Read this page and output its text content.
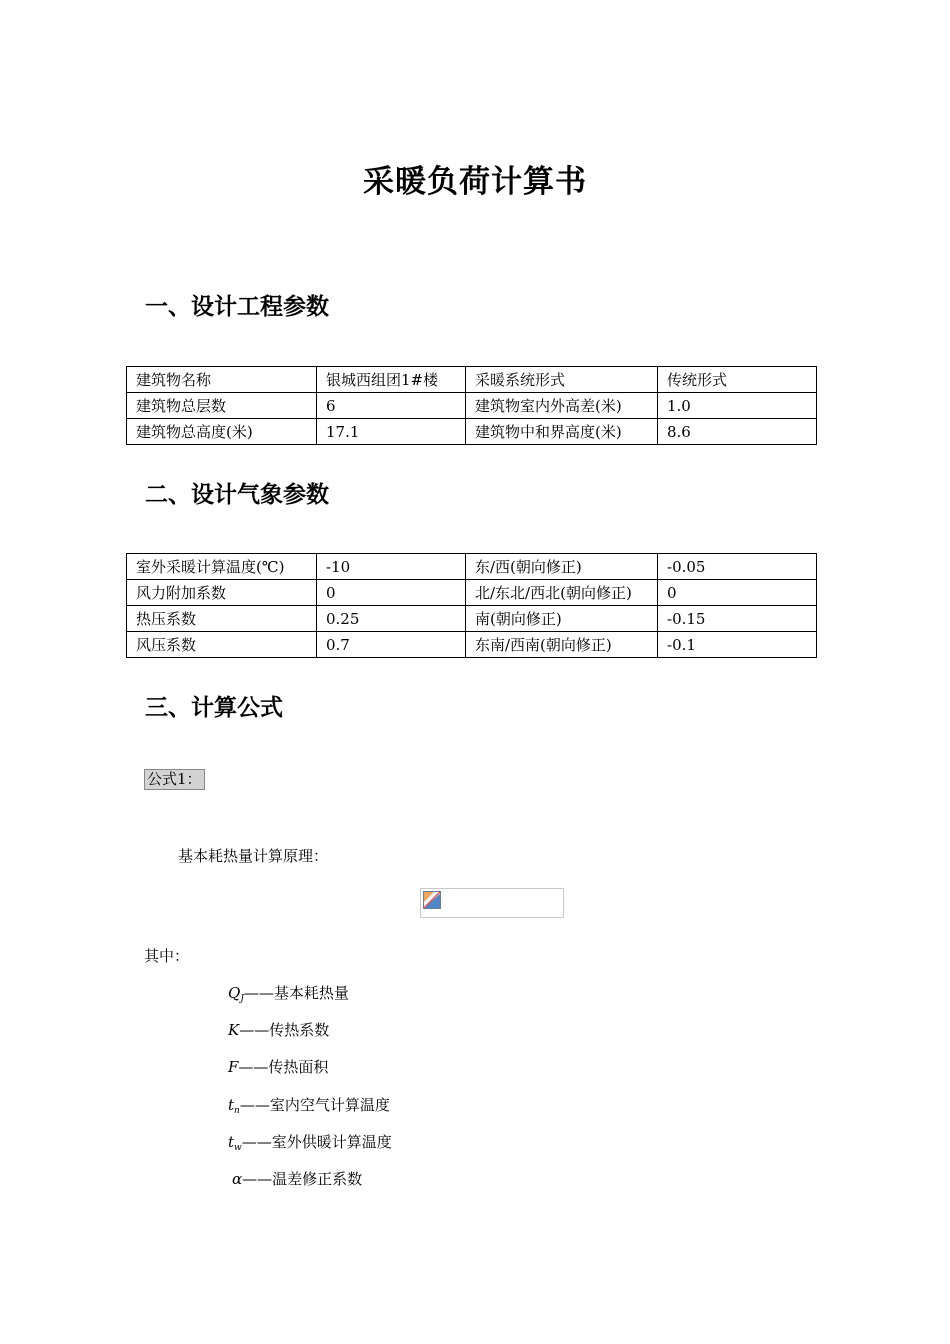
采暖负荷计算书
一、设计工程参数
建筑物名称	银城西组团1#楼	采暖系统形式	传统形式
建筑物总层数	6	建筑物室内外高差(米)	1.0
建筑物总高度(米)	17.1	建筑物中和界高度(米)	8.6
二、设计气象参数
室外采暖计算温度(℃)	-10	东/西(朝向修正)	-0.05
风力附加系数	0	北/东北/西北(朝向修正)	0
热压系数	0.25	南(朝向修正)	-0.15
风压系数	0.7	东南/西南(朝向修正)	-0.1
三、计算公式
公式1：
基本耗热量计算原理：
其中：
$Q_J——$基本耗热量
K——传热系数
F——传热面积
$t_n——$室内空气计算温度
$t_w——$室外供暖计算温度
α——温差修正系数
